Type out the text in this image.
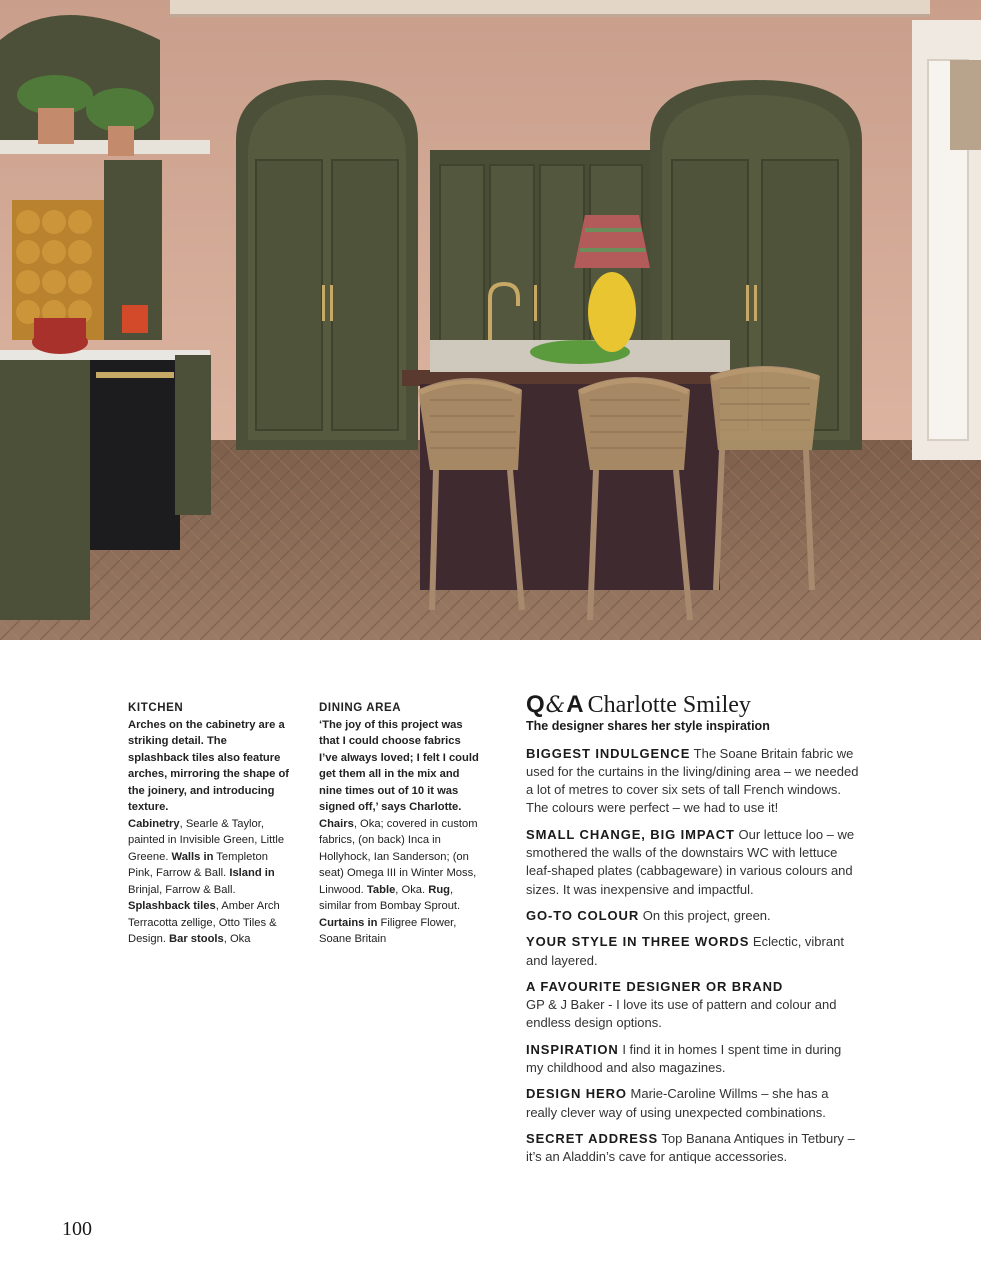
KITCHEN
Arches on the cabinetry are a striking detail. The splashback tiles also feature arches, mirroring the shape of the joinery, and introducing texture.
Cabinetry, Searle & Taylor, painted in Invisible Green, Little Greene. Walls in Templeton Pink, Farrow & Ball. Island in Brinjal, Farrow & Ball. Splashback tiles, Amber Arch Terracotta zellige, Otto Tiles & Design. Bar stools, Oka
DINING AREA
‘The joy of this project was that I could choose fabrics I’ve always loved; I felt I could get them all in the mix and nine times out of 10 it was signed off,’ says Charlotte.
Chairs, Oka; covered in custom fabrics, (on back) Inca in Hollyhock, Ian Sanderson; (on seat) Omega III in Winter Moss, Linwood. Table, Oka. Rug, similar from Bombay Sprout. Curtains in Filigree Flower, Soane Britain
Q & A Charlotte Smiley
The designer shares her style inspiration
BIGGEST INDULGENCE The Soane Britain fabric we used for the curtains in the living/dining area – we needed a lot of metres to cover six sets of tall French windows. The colours were perfect – we had to use it!
SMALL CHANGE, BIG IMPACT Our lettuce loo – we smothered the walls of the downstairs WC with lettuce leaf-shaped plates (cabbageware) in various colours and sizes. It was inexpensive and impactful.
GO-TO COLOUR On this project, green.
YOUR STYLE IN THREE WORDS Eclectic, vibrant and layered.
A FAVOURITE DESIGNER OR BRAND
GP & J Baker - I love its use of pattern and colour and endless design options.
INSPIRATION I find it in homes I spent time in during my childhood and also magazines.
DESIGN HERO Marie-Caroline Willms – she has a really clever way of using unexpected combinations.
SECRET ADDRESS Top Banana Antiques in Tetbury – it’s an Aladdin’s cave for antique accessories.
100
